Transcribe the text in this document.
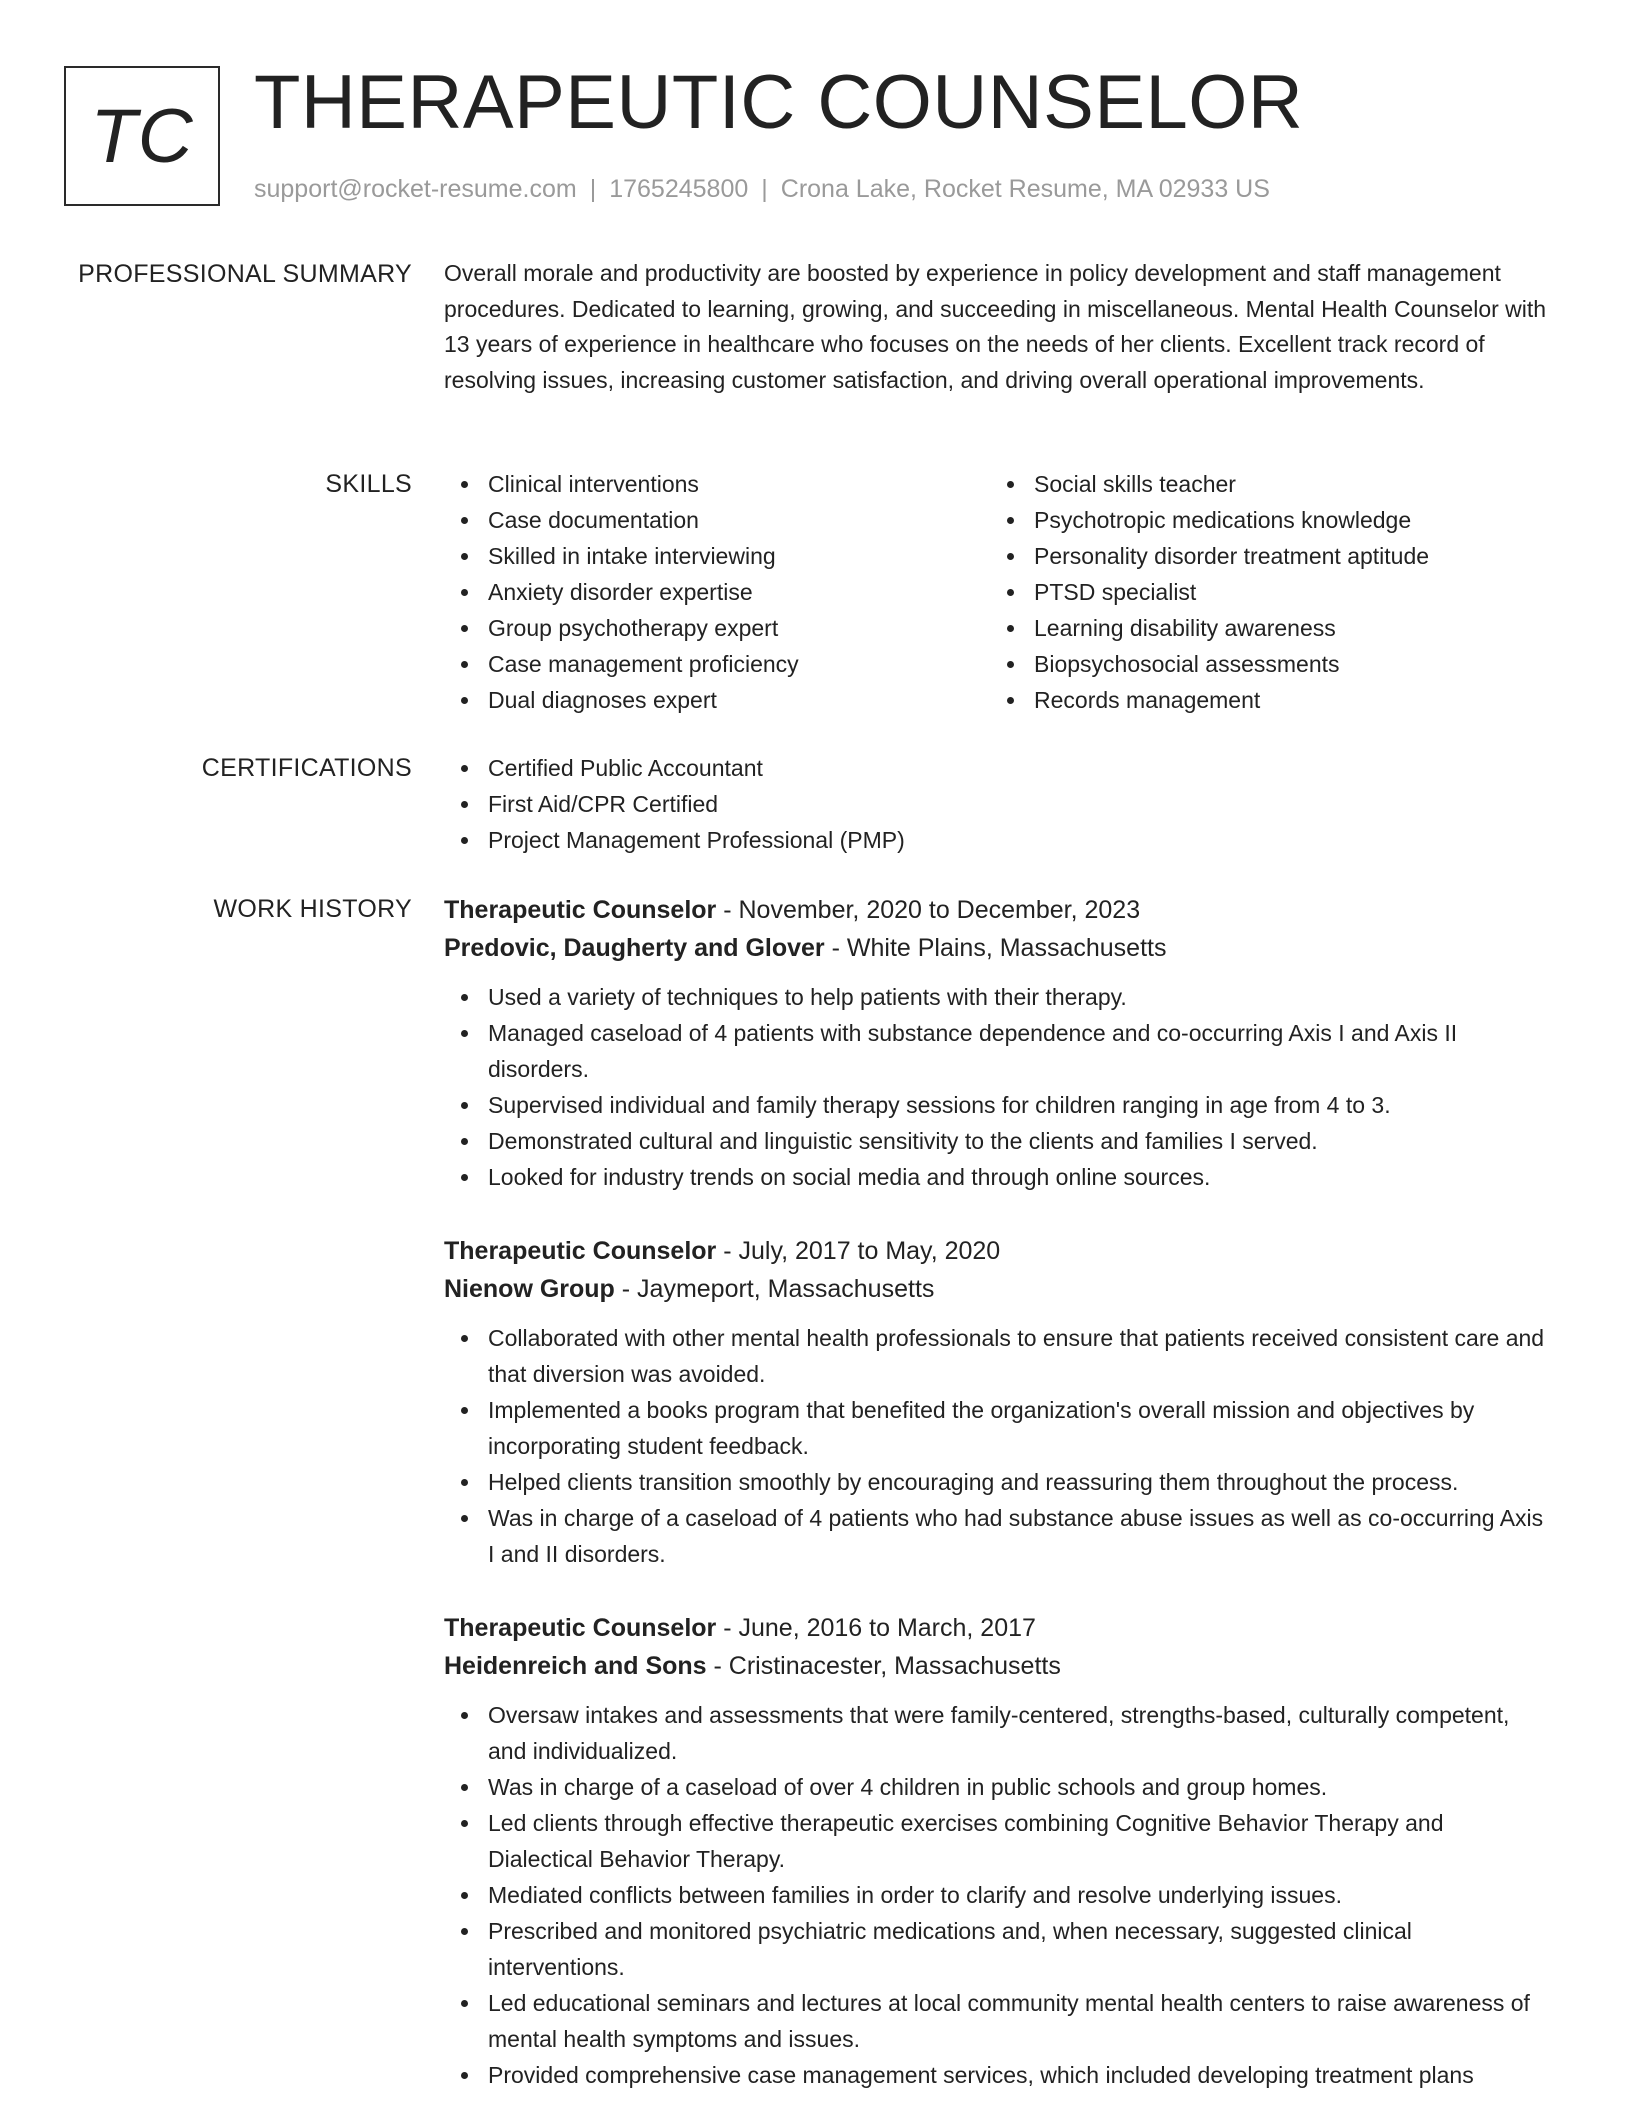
TC THERAPEUTIC COUNSELOR
support@rocket-resume.com | 1765245800 | Crona Lake, Rocket Resume, MA 02933 US
PROFESSIONAL SUMMARY Overall morale and productivity are boosted by experience in policy development and staff management procedures. Dedicated to learning, growing, and succeeding in miscellaneous. Mental Health Counselor with 13 years of experience in healthcare who focuses on the needs of her clients. Excellent track record of resolving issues, increasing customer satisfaction, and driving overall operational improvements.

SKILLS	Clinical interventions
Case documentation
Skilled in intake interviewing
Anxiety disorder expertise
Group psychotherapy expert
Case management proficiency
Dual diagnoses expert
Social skills teacher
Psychotropic medications knowledge
Personality disorder treatment aptitude
PTSD specialist
Learning disability awareness
Biopsychosocial assessments
Records management
CERTIFICATIONS	Certified Public Accountant
First Aid/CPR Certified
Project Management Professional (PMP)
WORK HISTORY Therapeutic Counselor - November, 2020 to December, 2023
Predovic, Daugherty and Glover - White Plains, Massachusetts
Used a variety of techniques to help patients with their therapy.
Managed caseload of 4 patients with substance dependence and co-occurring Axis I and Axis II disorders.
Supervised individual and family therapy sessions for children ranging in age from 4 to 3.
Demonstrated cultural and linguistic sensitivity to the clients and families I served.
Looked for industry trends on social media and through online sources.
Therapeutic Counselor - July, 2017 to May, 2020
Nienow Group - Jaymeport, Massachusetts
Collaborated with other mental health professionals to ensure that patients received consistent care and that diversion was avoided.
Implemented a books program that benefited the organization's overall mission and objectives by incorporating student feedback.
Helped clients transition smoothly by encouraging and reassuring them throughout the process.
Was in charge of a caseload of 4 patients who had substance abuse issues as well as co-occurring Axis I and II disorders.
Therapeutic Counselor - June, 2016 to March, 2017
Heidenreich and Sons - Cristinacester, Massachusetts
Oversaw intakes and assessments that were family-centered, strengths-based, culturally competent, and individualized.
Was in charge of a caseload of over 4 children in public schools and group homes.
Led clients through effective therapeutic exercises combining Cognitive Behavior Therapy and Dialectical Behavior Therapy.
Mediated conflicts between families in order to clarify and resolve underlying issues.
Prescribed and monitored psychiatric medications and, when necessary, suggested clinical interventions.
Led educational seminars and lectures at local community mental health centers to raise awareness of mental health symptoms and issues.
Provided comprehensive case management services, which included developing treatment plans
